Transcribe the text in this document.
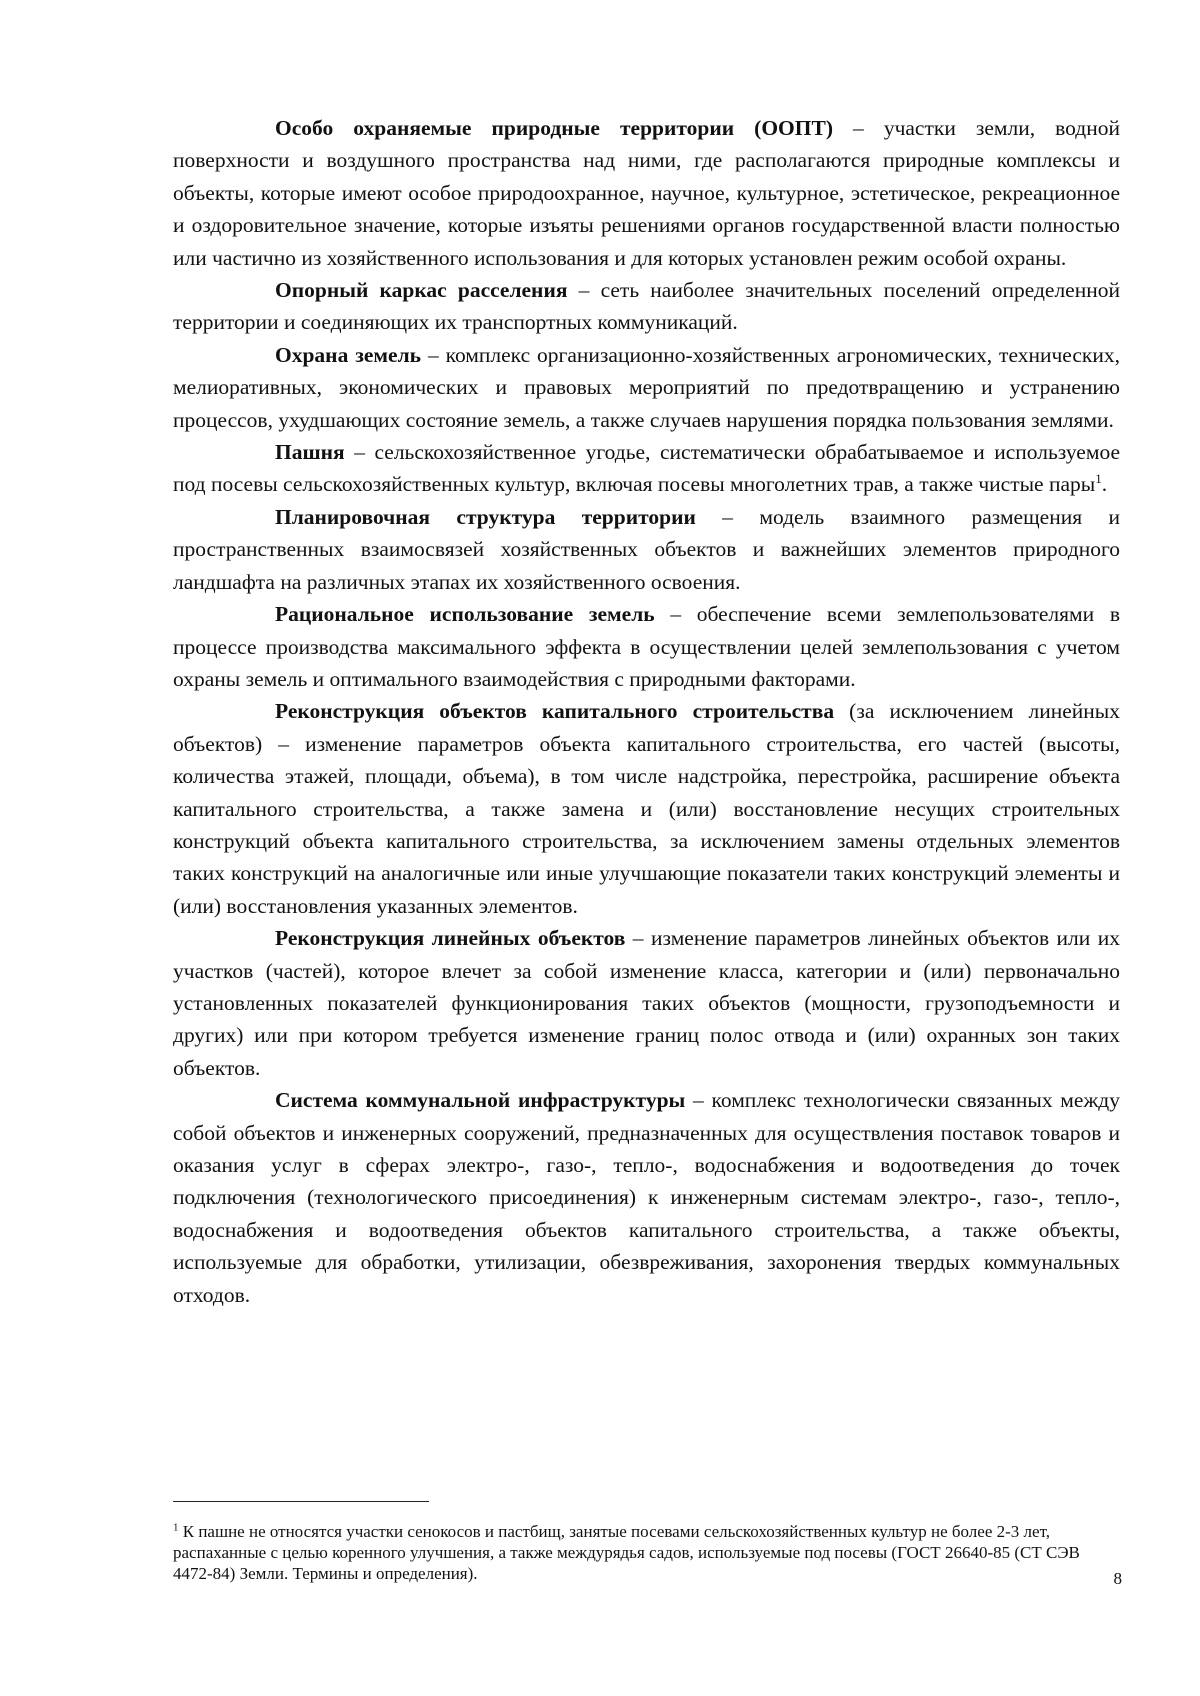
Особо охраняемые природные территории (ООПТ) – участки земли, водной поверхности и воздушного пространства над ними, где располагаются природные комплексы и объекты, которые имеют особое природоохранное, научное, культурное, эстетическое, рекреационное и оздоровительное значение, которые изъяты решениями органов государственной власти полностью или частично из хозяйственного использования и для которых установлен режим особой охраны.

Опорный каркас расселения – сеть наиболее значительных поселений определенной территории и соединяющих их транспортных коммуникаций.

Охрана земель – комплекс организационно-хозяйственных агрономических, технических, мелиоративных, экономических и правовых мероприятий по предотвращению и устранению процессов, ухудшающих состояние земель, а также случаев нарушения порядка пользования землями.

Пашня – сельскохозяйственное угодье, систематически обрабатываемое и используемое под посевы сельскохозяйственных культур, включая посевы многолетних трав, а также чистые пары$^1$.

Планировочная структура территории – модель взаимного размещения и пространственных взаимосвязей хозяйственных объектов и важнейших элементов природного ландшафта на различных этапах их хозяйственного освоения.

Рациональное использование земель – обеспечение всеми землепользователями в процессе производства максимального эффекта в осуществлении целей землепользования с учетом охраны земель и оптимального взаимодействия с природными факторами.

Реконструкция объектов капитального строительства (за исключением линейных объектов) – изменение параметров объекта капитального строительства, его частей (высоты, количества этажей, площади, объема), в том числе надстройка, перестройка, расширение объекта капитального строительства, а также замена и (или) восстановление несущих строительных конструкций объекта капитального строительства, за исключением замены отдельных элементов таких конструкций на аналогичные или иные улучшающие показатели таких конструкций элементы и (или) восстановления указанных элементов.

Реконструкция линейных объектов – изменение параметров линейных объектов или их участков (частей), которое влечет за собой изменение класса, категории и (или) первоначально установленных показателей функционирования таких объектов (мощности, грузоподъемности и других) или при котором требуется изменение границ полос отвода и (или) охранных зон таких объектов.

Система коммунальной инфраструктуры – комплекс технологически связанных между собой объектов и инженерных сооружений, предназначенных для осуществления поставок товаров и оказания услуг в сферах электро-, газо-, тепло-, водоснабжения и водоотведения до точек подключения (технологического присоединения) к инженерным системам электро-, газо-, тепло-, водоснабжения и водоотведения объектов капитального строительства, а также объекты, используемые для обработки, утилизации, обезвреживания, захоронения твердых коммунальных отходов.

$^1$ К пашне не относятся участки сенокосов и пастбищ, занятые посевами сельскохозяйственных культур не более 2-3 лет, распаханные с целью коренного улучшения, а также междурядья садов, используемые под посевы (ГОСТ 26640-85 (СТ СЭВ 4472-84) Земли. Термины и определения).	8
